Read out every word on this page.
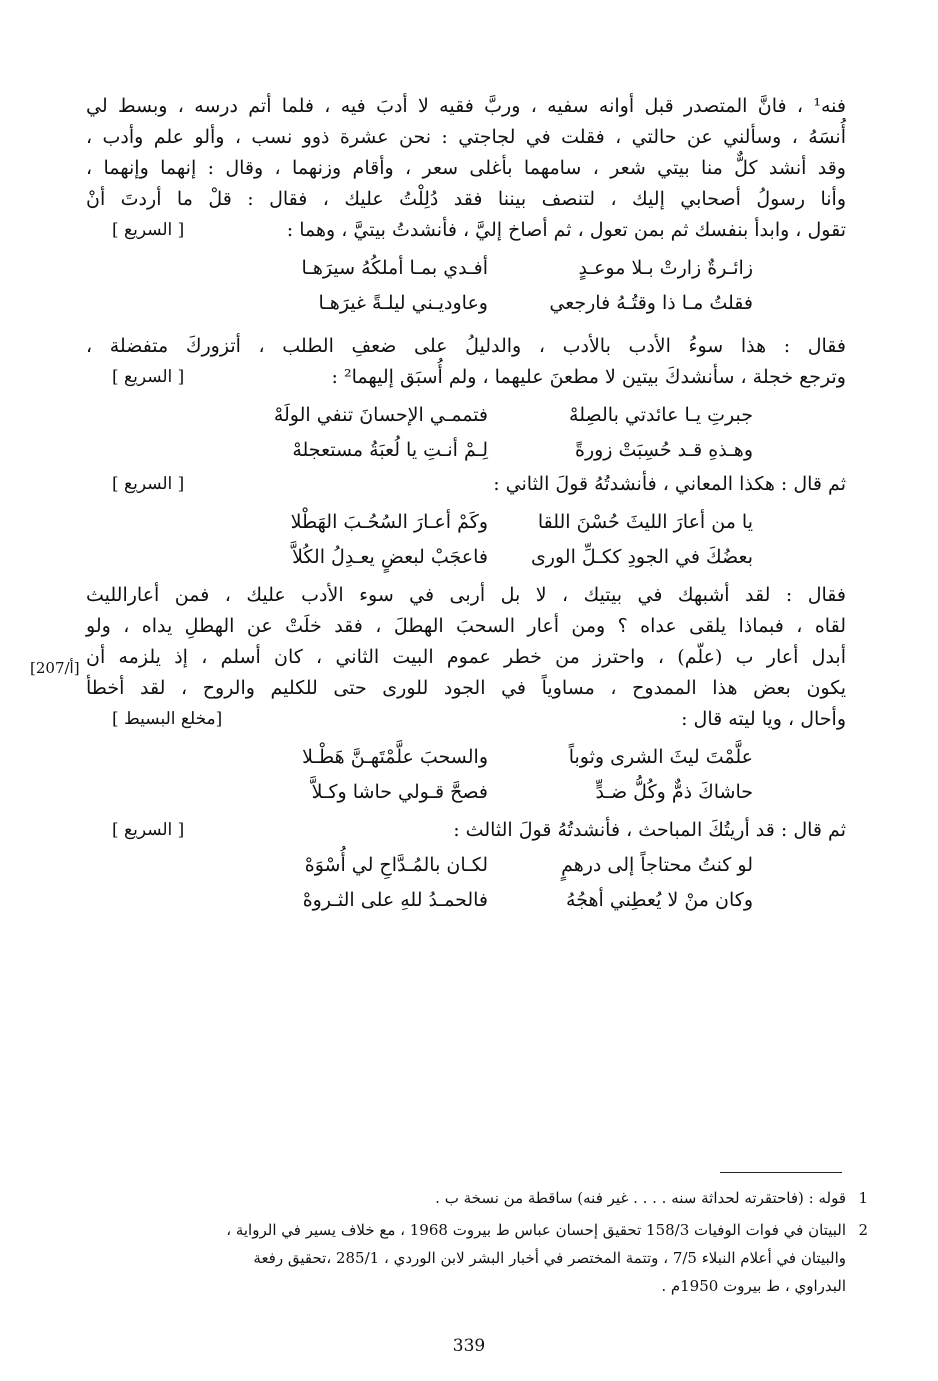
فنه¹ ، فانَّ المتصدر قبل أوانه سفيه ، وربَّ فقيه لا أدبَ فيه ، فلما أتم درسه ، وبسط لي
أُنسَهُ ، وسألني عن حالتي ، فقلت في لجاجتي : نحن عشرة ذوو نسب ، وألو علم وأدب ،
وقد أنشد كلٌّ منا بيتي شعر ، سامهما بأغلى سعر ، وأقام وزنهما ، وقال : إنهما وإنهما ،
وأنا رسولُ أصحابي إليك ، لتنصف بيننا فقد دُلِلْتُ عليك ، فقال : قلْ ما أردتَ أنْ
تقول ، وابدأ بنفسك ثم بمن تعول ، ثم أصاخ إليَّ ، فأنشدتُ بيتيَّ ، وهما :
[ السريع ]
زائـرةٌ زارتْ بـلا موعـدٍ
أفـدي بمـا أملكُهُ سيرَهـا
فقلتُ مـا ذا وقتُـهُ فارجعي
وعاوديـني ليلـةً غيرَهـا
فقال : هذا سوءُ الأدب بالأدب ، والدليلُ على ضعفِ الطلب ، أتزوركَ متفضلة ،
وترجع خجلة ، سأنشدكَ بيتين لا مطعنَ عليهما ، ولم أُسبَق إليهما² :
[ السريع ]
جبرتِ يـا عائدتي بالصِلهْ
فتممـي الإحسانَ تنفي الولَهْ
وهـذهِ قـد حُسِبَتْ زورةً
لِـمْ أنـتِ يا لُعبَةُ مستعجلهْ
ثم قال : هكذا المعاني ، فأنشدتُهُ قولَ الثاني :
[ السريع ]
يا من أعارَ الليثَ حُسْنَ اللقا
وكَمْ أعـارَ السُحُـبَ الهَطْلا
بعضُكَ في الجودِ ككـلِّ الورى
فاعجَبْ لبعضٍ يعـدِلُ الكُلاَّ
فقال : لقد أشبهك في بيتيك ، لا بل أربى في سوء الأدب عليك ، فمن أعارالليث
لقاه ، فبماذا يلقى عداه ؟ ومن أعار السحبَ الهطلَ ، فقد خلَتْ عن الهطلِ يداه ، ولو
أبدل أعار ب (علّم) ، واحترز من خطر عموم البيت الثاني ، كان أسلم ، إذ يلزمه أن
يكون بعض هذا الممدوح ، مساوياً في الجود للورى حتى للكليم والروح ، لقد أخطأ
وأحال ، ويا ليته قال :
[مخلع البسيط ]
علَّمْتَ ليثَ الشرى وثوباً
والسحبَ علَّمْتَهـنَّ هَطْـلا
حاشاكَ ذمٌّ وكُلُّ ضـدٍّ
فصحَّ قـولي حاشا وكـلاَّ
ثم قال : قد أريتُكَ المباحث ، فأنشدتُهُ قولَ الثالث :
[ السريع ]
لو كنتُ محتاجاً إلى درهمٍ
لكـان بالمُـدَّاحِ لي أُسْوَهْ
وكان منْ لا يُعطِني أهجُهُ
فالحمـدُ للهِ على الثـروهْ
[أ/207]
1
قوله : (فاحتقرته لحداثة سنه . . . . غير فنه) ساقطة من نسخة ب .
2
البيتان في فوات الوفيات 158/3 تحقيق إحسان عباس ط بيروت 1968 ، مع خلاف يسير في الرواية ،
والبيتان في أعلام النبلاء 7/5 ، وتتمة المختصر في أخبار البشر لابن الوردي ، 285/1 ،تحقيق رفعة
البدراوي ، ط بيروت 1950م .
339
